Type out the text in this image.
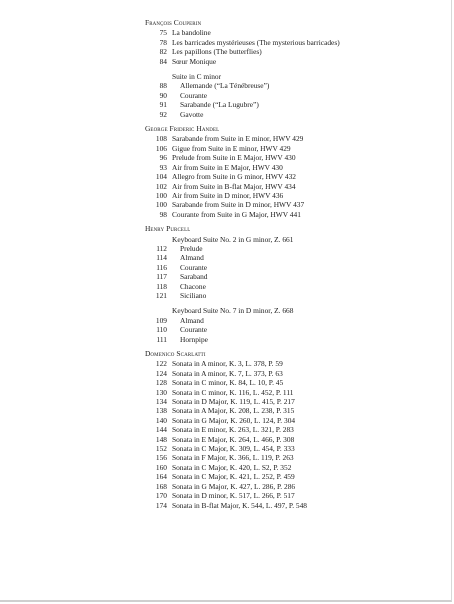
François Couperin
75 La bandoline
78 Les barricades mystérieuses (The mysterious barricades)
82 Les papillons (The butterflies)
84 Sœur Monique
Suite in C minor
88	Allemande (“La Ténébreuse”)
90	Courante
91	Sarabande (“La Lugubre”)
92	Gavotte
George Frideric Handel
108 Sarabande from Suite in E minor, HWV 429
106 Gigue from Suite in E minor, HWV 429
96 Prelude from Suite in E Major, HWV 430
93 Air from Suite in E Major, HWV 430
104 Allegro from Suite in G minor, HWV 432
102 Air from Suite in B-flat Major, HWV 434
100 Air from Suite in D minor, HWV 436
100 Sarabande from Suite in D minor, HWV 437
98 Courante from Suite in G Major, HWV 441
Henry Purcell
Keyboard Suite No. 2 in G minor, Z. 661
112	Prelude
114	Almand
116	Courante
117	Saraband
118	Chacone
121	Siciliano
Keyboard Suite No. 7 in D minor, Z. 668
109	Almand
110	Courante
111	Hornpipe
Domenico Scarlatti
122 Sonata in A minor, K. 3, L. 378, P. 59
124 Sonata in A minor, K. 7, L. 373, P. 63
128 Sonata in C minor, K. 84, L. 10, P. 45
130 Sonata in C minor, K. 116, L. 452, P. 111
134 Sonata in D Major, K. 119, L. 415, P. 217
138 Sonata in A Major, K. 208, L. 238, P. 315
140 Sonata in G Major, K. 260, L. 124, P. 304
144 Sonata in E minor, K. 263, L. 321, P. 283
148 Sonata in E Major, K. 264, L. 466, P. 308
152 Sonata in C Major, K. 309, L. 454, P. 333
156 Sonata in F Major, K. 366, L. 119, P. 263
160 Sonata in C Major, K. 420, L. S2, P. 352
164 Sonata in C Major, K. 421, L. 252, P. 459
168 Sonata in G Major, K. 427, L. 286, P. 286
170 Sonata in D minor, K. 517, L. 266, P. 517
174 Sonata in B-flat Major, K. 544, L. 497, P. 548
